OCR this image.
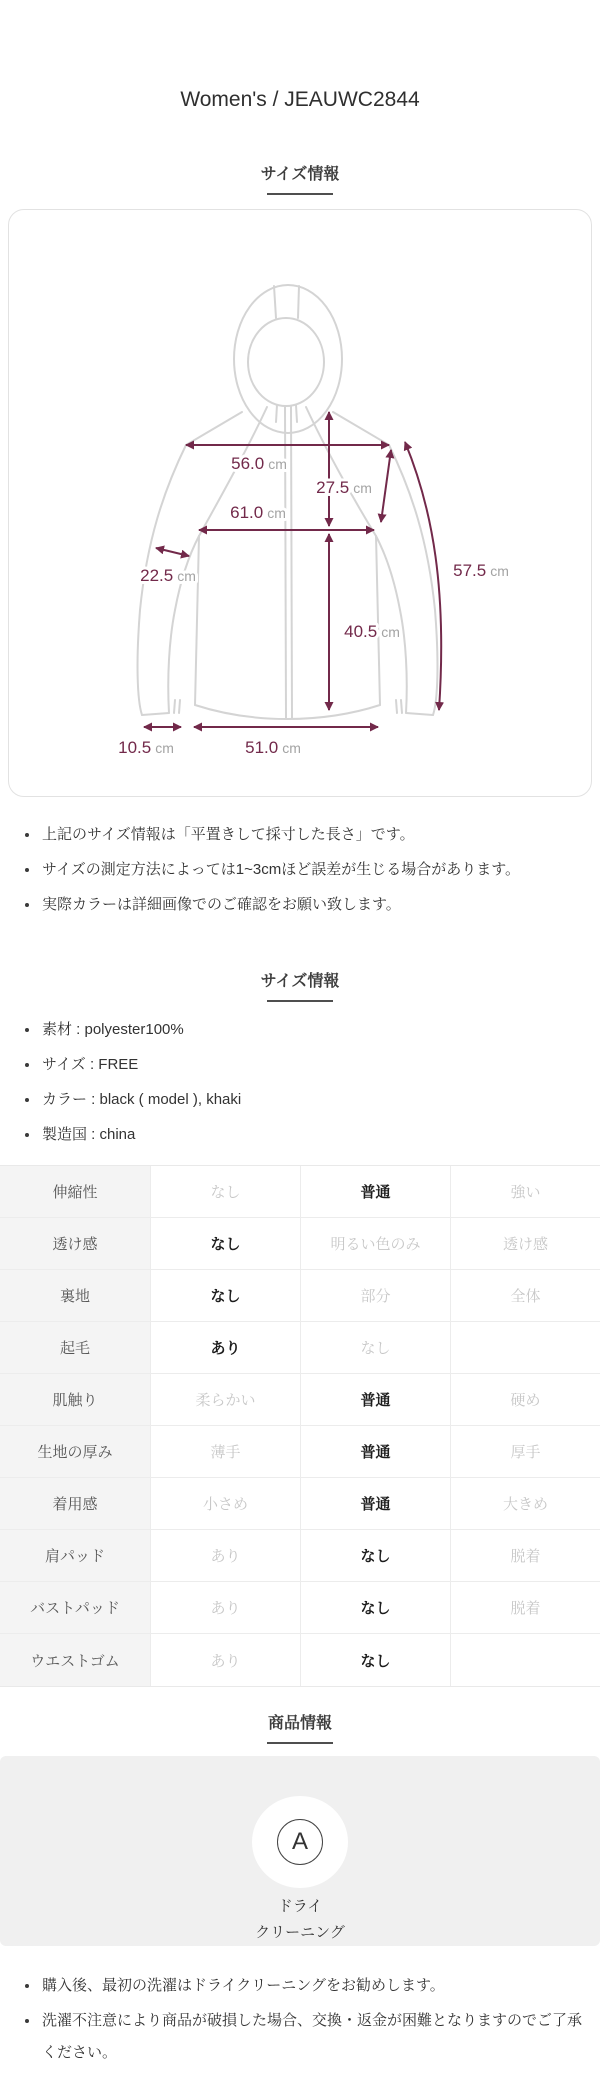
Women's / JEAUWC2844
サイズ情報
56.0 cm
27.5 cm
61.0 cm
22.5 cm	57.5 cm
40.5 cm
10.5 cm	51.0 cm
上記のサイズ情報は「平置きして採寸した長さ」です。
サイズの測定方法によっては1~3cmほど誤差が生じる場合があります。
実際カラーは詳細画像でのご確認をお願い致します。
サイズ情報
素材 : polyester100%
サイズ : FREE
カラー : black ( model ), khaki
製造国 : china
伸縮性	なし	普通	強い
透け感	なし	明るい色のみ	透け感
裏地	なし	部分	全体
起毛	あり	なし
肌触り	柔らかい	普通	硬め
生地の厚み	薄手	普通	厚手
着用感	小さめ	普通	大きめ
肩パッド	あり	なし	脱着
バストパッド	あり	なし	脱着
ウエストゴム	あり	なし
商品情報
A
ドライ
クリーニング
購入後、最初の洗濯はドライクリーニングをお勧めします。
洗濯不注意により商品が破損した場合、交換・返金が困難となりますのでご了承ください。
